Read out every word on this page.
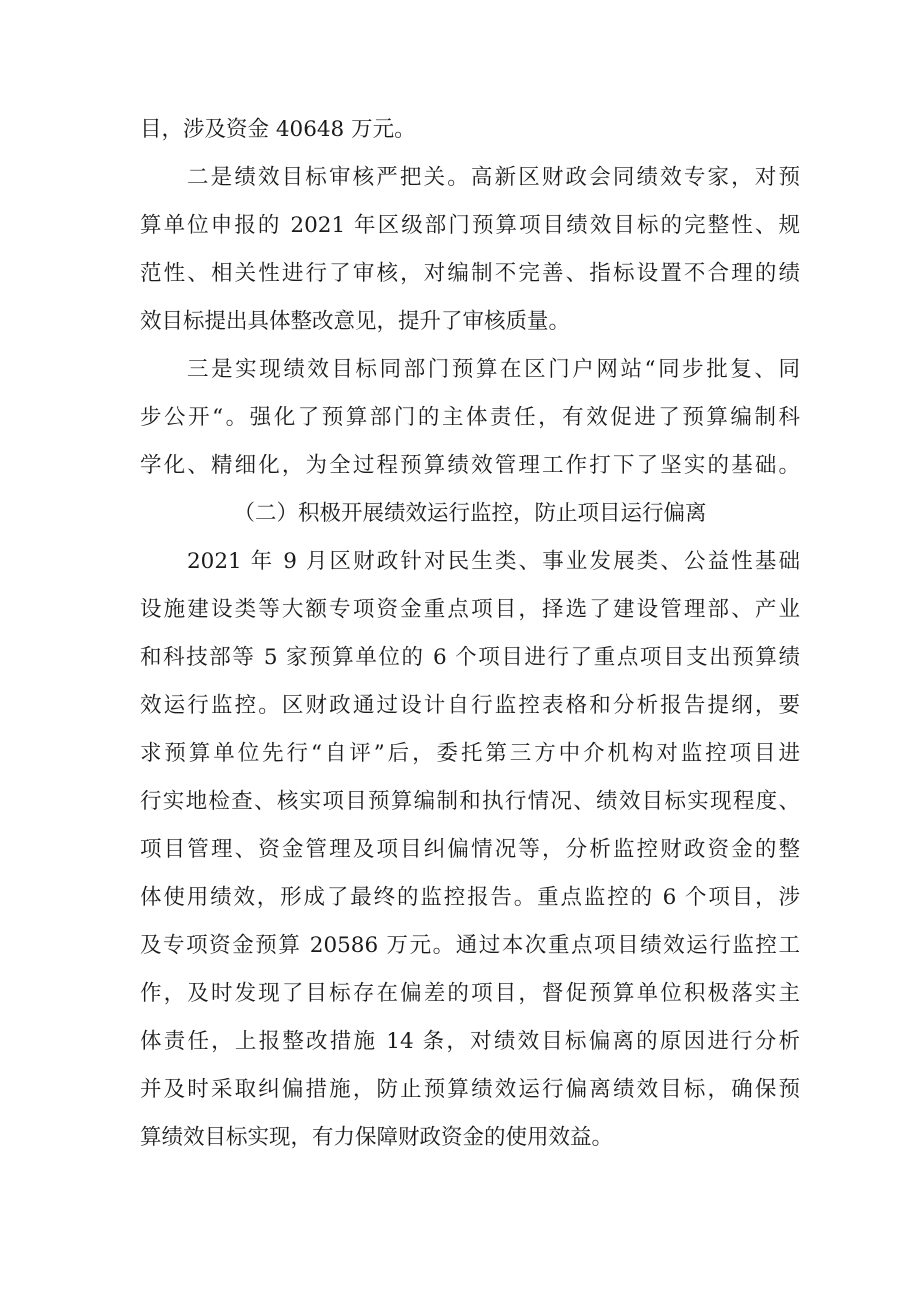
目，涉及资金 40648 万元。
二是绩效目标审核严把关。高新区财政会同绩效专家，对预
算单位申报的 2021 年区级部门预算项目绩效目标的完整性、规
范性、相关性进行了审核，对编制不完善、指标设置不合理的绩
效目标提出具体整改意见，提升了审核质量。
三是实现绩效目标同部门预算在区门户网站“同步批复、同
步公开“。强化了预算部门的主体责任，有效促进了预算编制科
学化、精细化，为全过程预算绩效管理工作打下了坚实的基础。
（二）积极开展绩效运行监控，防止项目运行偏离
2021 年 9 月区财政针对民生类、事业发展类、公益性基础
设施建设类等大额专项资金重点项目，择选了建设管理部、产业
和科技部等 5 家预算单位的 6 个项目进行了重点项目支出预算绩
效运行监控。区财政通过设计自行监控表格和分析报告提纲，要
求预算单位先行“自评”后，委托第三方中介机构对监控项目进
行实地检查、核实项目预算编制和执行情况、绩效目标实现程度、
项目管理、资金管理及项目纠偏情况等，分析监控财政资金的整
体使用绩效，形成了最终的监控报告。重点监控的 6 个项目，涉
及专项资金预算 20586 万元。通过本次重点项目绩效运行监控工
作，及时发现了目标存在偏差的项目，督促预算单位积极落实主
体责任，上报整改措施 14 条，对绩效目标偏离的原因进行分析
并及时采取纠偏措施，防止预算绩效运行偏离绩效目标，确保预
算绩效目标实现，有力保障财政资金的使用效益。
